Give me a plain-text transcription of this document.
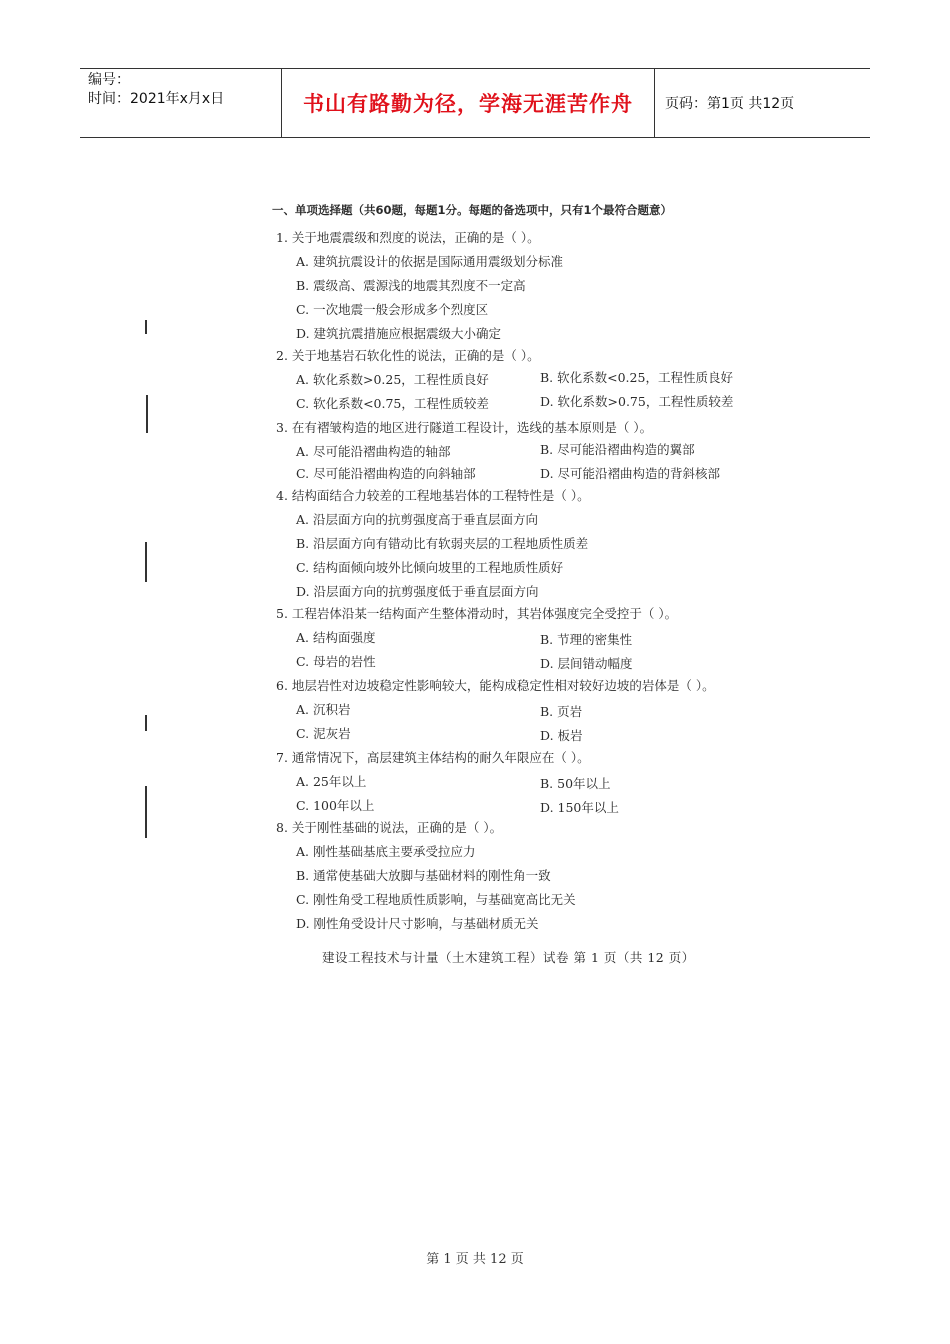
编号：
时间：2021年x月x日	书山有路勤为径，学海无涯苦作舟	页码：第1页 共12页
一、单项选择题（共60题，每题1分。每题的备选项中，只有1个最符合题意）
1. 关于地震震级和烈度的说法，正确的是（ ）。
A. 建筑抗震设计的依据是国际通用震级划分标准
B. 震级高、震源浅的地震其烈度不一定高
C. 一次地震一般会形成多个烈度区
D. 建筑抗震措施应根据震级大小确定
2. 关于地基岩石软化性的说法，正确的是（ ）。
A. 软化系数>0.25，工程性质良好	B. 软化系数<0.25，工程性质良好
C. 软化系数<0.75，工程性质较差	D. 软化系数>0.75，工程性质较差
3. 在有褶皱构造的地区进行隧道工程设计，选线的基本原则是（ ）。
A. 尽可能沿褶曲构造的轴部	B. 尽可能沿褶曲构造的翼部
C. 尽可能沿褶曲构造的向斜轴部	D. 尽可能沿褶曲构造的背斜核部
4. 结构面结合力较差的工程地基岩体的工程特性是（ ）。
A. 沿层面方向的抗剪强度高于垂直层面方向
B. 沿层面方向有错动比有软弱夹层的工程地质性质差
C. 结构面倾向坡外比倾向坡里的工程地质性质好
D. 沿层面方向的抗剪强度低于垂直层面方向
5. 工程岩体沿某一结构面产生整体滑动时，其岩体强度完全受控于（ ）。
A. 结构面强度	B. 节理的密集性
C. 母岩的岩性	D. 层间错动幅度
6. 地层岩性对边坡稳定性影响较大，能构成稳定性相对较好边坡的岩体是（ ）。
A. 沉积岩	B. 页岩
C. 泥灰岩	D. 板岩
7. 通常情况下，高层建筑主体结构的耐久年限应在（ ）。
A. 25年以上	B. 50年以上
C. 100年以上	D. 150年以上
8. 关于刚性基础的说法，正确的是（ ）。
A. 刚性基础基底主要承受拉应力
B. 通常使基础大放脚与基础材料的刚性角一致
C. 刚性角受工程地质性质影响，与基础宽高比无关
D. 刚性角受设计尺寸影响，与基础材质无关
建设工程技术与计量（土木建筑工程）试卷 第 1 页（共 12 页）
第 1 页 共 12 页
